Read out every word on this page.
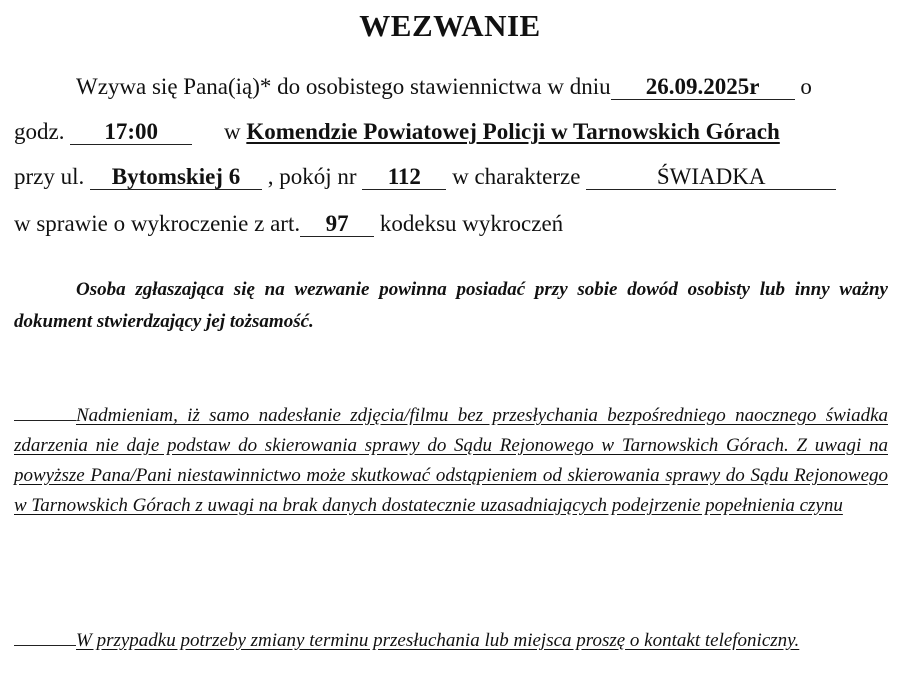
WEZWANIE
Wzywa się Pana(ią)* do osobistego stawiennictwa w dniu 26.09.2025r o
godz. 17:00	w Komendzie Powiatowej Policji w Tarnowskich Górach
przy ul. Bytomskiej 6 , pokój nr 112 w charakterze	ŚWIADKA
w sprawie o wykroczenie z art. 97 kodeksu wykroczeń
Osoba zgłaszająca się na wezwanie powinna posiadać przy sobie dowód osobisty lub inny ważny dokument stwierdzający jej tożsamość.
Nadmieniam, iż samo nadesłanie zdjęcia/filmu bez przesłychania bezpośredniego naocznego świadka zdarzenia nie daje podstaw do skierowania sprawy do Sądu Rejonowego w Tarnowskich Górach. Z uwagi na powyższe Pana/Pani niestawinnictwo może skutkować odstąpieniem od skierowania sprawy do Sądu Rejonowego w Tarnowskich Górach z uwagi na brak danych dostatecznie uzasadniających podejrzenie popełnienia czynu
W przypadku potrzeby zmiany terminu przesłuchania lub miejsca proszę o kontakt telefoniczny.
